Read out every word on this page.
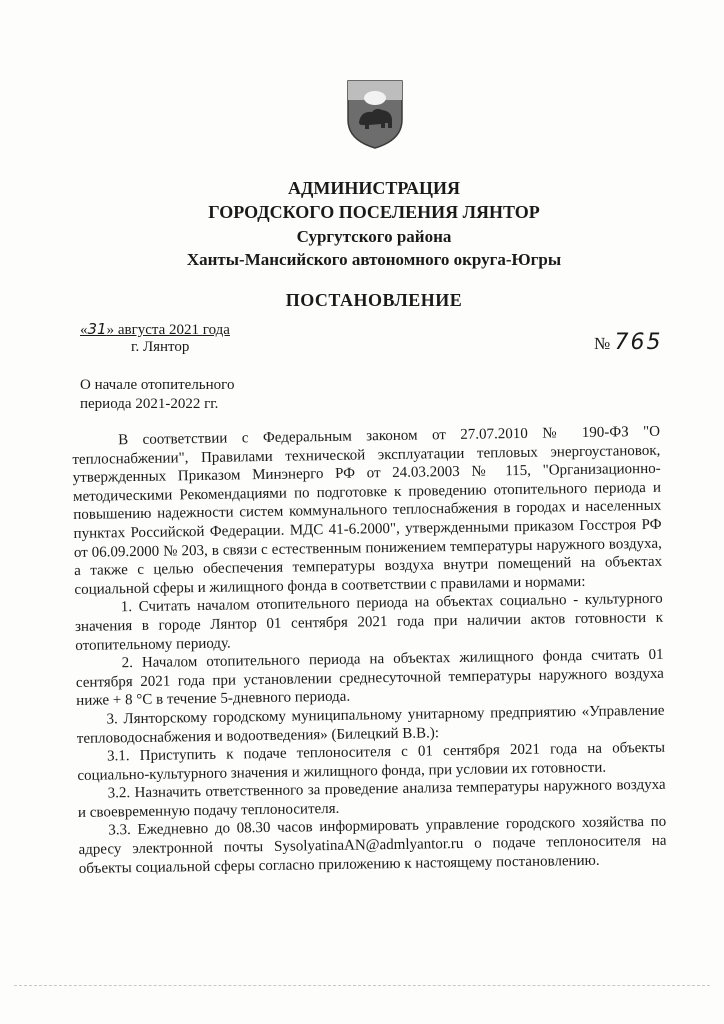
АДМИНИСТРАЦИЯ
ГОРОДСКОГО ПОСЕЛЕНИЯ ЛЯНТОР
Сургутского района
Ханты-Мансийского автономного округа-Югры
ПОСТАНОВЛЕНИЕ
«31» августа 2021 года
г. Лянтор	№ 765
О начале отопительного
периода 2021-2022 гг.

В соответствии с Федеральным законом от 27.07.2010 № 190-ФЗ "О теплоснабжении", Правилами технической эксплуатации тепловых энергоустановок, утвержденных Приказом Минэнерго РФ от 24.03.2003 № 115, "Организационно-методическими Рекомендациями по подготовке к проведению отопительного периода и повышению надежности систем коммунального теплоснабжения в городах и населенных пунктах Российской Федерации. МДС 41-6.2000", утвержденными приказом Госстроя РФ от 06.09.2000 № 203, в связи с естественным понижением температуры наружного воздуха, а также с целью обеспечения температуры воздуха внутри помещений на объектах социальной сферы и жилищного фонда в соответствии с правилами и нормами:

1. Считать началом отопительного периода на объектах социально - культурного значения в городе Лянтор 01 сентября 2021 года при наличии актов готовности к отопительному периоду.

2. Началом отопительного периода на объектах жилищного фонда считать 01 сентября 2021 года при установлении среднесуточной температуры наружного воздуха ниже + 8 °С в течение 5-дневного периода.

3. Лянторскому городскому муниципальному унитарному предприятию «Управление тепловодоснабжения и водоотведения» (Билецкий В.В.):

3.1. Приступить к подаче теплоносителя с 01 сентября 2021 года на объекты социально-культурного значения и жилищного фонда, при условии их готовности.

3.2. Назначить ответственного за проведение анализа температуры наружного воздуха и своевременную подачу теплоносителя.

3.3. Ежедневно до 08.30 часов информировать управление городского хозяйства по адресу электронной почты SysolyatinaAN@admlyantor.ru о подаче теплоносителя на объекты социальной сферы согласно приложению к настоящему постановлению.
